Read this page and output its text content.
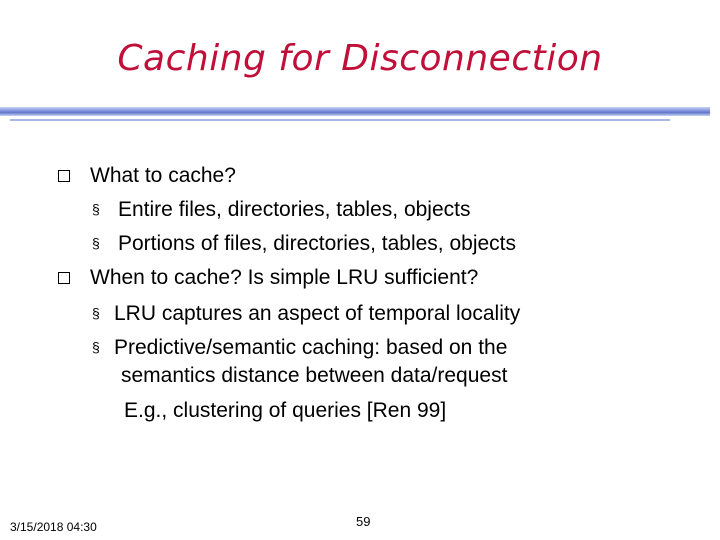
Caching for Disconnection
What to cache?
§ Entire files, directories, tables, objects
§ Portions of files, directories, tables, objects
When to cache? Is simple LRU sufficient?
§ LRU captures an aspect of temporal locality
§ Predictive/semantic caching: based on the
semantics distance between data/request
E.g., clustering of queries [Ren 99]
3/15/2018 04:30	59
